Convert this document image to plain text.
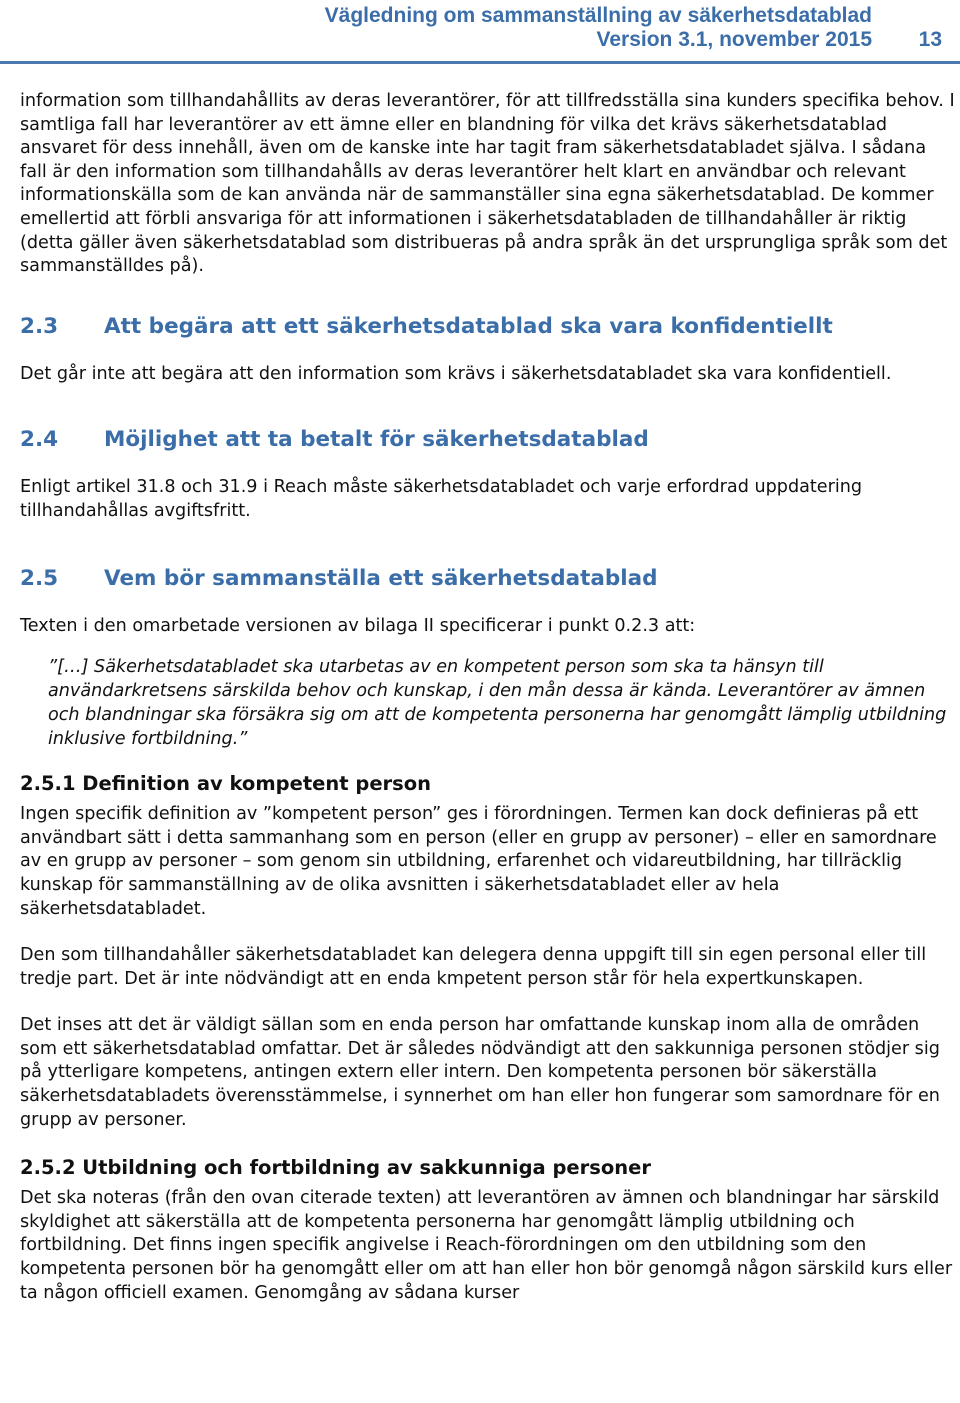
Vägledning om sammanställning av säkerhetsdatablad
Version 3.1, november 2015 13

information som tillhandahållits av deras leverantörer, för att tillfredsställa sina kunders specifika behov. I samtliga fall har leverantörer av ett ämne eller en blandning för vilka det krävs säkerhetsdatablad ansvaret för dess innehåll, även om de kanske inte har tagit fram säkerhetsdatabladet själva. I sådana fall är den information som tillhandahålls av deras leverantörer helt klart en användbar och relevant informationskälla som de kan använda när de sammanställer sina egna säkerhetsdatablad. De kommer emellertid att förbli ansvariga för att informationen i säkerhetsdatabladen de tillhandahåller är riktig (detta gäller även säkerhetsdatablad som distribueras på andra språk än det ursprungliga språk som det sammanställdes på).

2.3	Att begära att ett säkerhetsdatablad ska vara konfidentiellt

Det går inte att begära att den information som krävs i säkerhetsdatabladet ska vara konfidentiell.

2.4	Möjlighet att ta betalt för säkerhetsdatablad

Enligt artikel 31.8 och 31.9 i Reach måste säkerhetsdatabladet och varje erfordrad uppdatering tillhandahållas avgiftsfritt.

2.5	Vem bör sammanställa ett säkerhetsdatablad

Texten i den omarbetade versionen av bilaga II specificerar i punkt 0.2.3 att:

”[…] Säkerhetsdatabladet ska utarbetas av en kompetent person som ska ta hänsyn till användarkretsens särskilda behov och kunskap, i den mån dessa är kända. Leverantörer av ämnen och blandningar ska försäkra sig om att de kompetenta personerna har genomgått lämplig utbildning inklusive fortbildning.”

2.5.1 Definition av kompetent person

Ingen specifik definition av ”kompetent person” ges i förordningen. Termen kan dock definieras på ett användbart sätt i detta sammanhang som en person (eller en grupp av personer) – eller en samordnare av en grupp av personer – som genom sin utbildning, erfarenhet och vidareutbildning, har tillräcklig kunskap för sammanställning av de olika avsnitten i säkerhetsdatabladet eller av hela säkerhetsdatabladet.

Den som tillhandahåller säkerhetsdatabladet kan delegera denna uppgift till sin egen personal eller till tredje part. Det är inte nödvändigt att en enda kmpetent person står för hela expertkunskapen.

Det inses att det är väldigt sällan som en enda person har omfattande kunskap inom alla de områden som ett säkerhetsdatablad omfattar. Det är således nödvändigt att den sakkunniga personen stödjer sig på ytterligare kompetens, antingen extern eller intern. Den kompetenta personen bör säkerställa säkerhetsdatabladets överensstämmelse, i synnerhet om han eller hon fungerar som samordnare för en grupp av personer.

2.5.2 Utbildning och fortbildning av sakkunniga personer

Det ska noteras (från den ovan citerade texten) att leverantören av ämnen och blandningar har särskild skyldighet att säkerställa att de kompetenta personerna har genomgått lämplig utbildning och fortbildning. Det finns ingen specifik angivelse i Reach-förordningen om den utbildning som den kompetenta personen bör ha genomgått eller om att han eller hon bör genomgå någon särskild kurs eller ta någon officiell examen. Genomgång av sådana kurser
